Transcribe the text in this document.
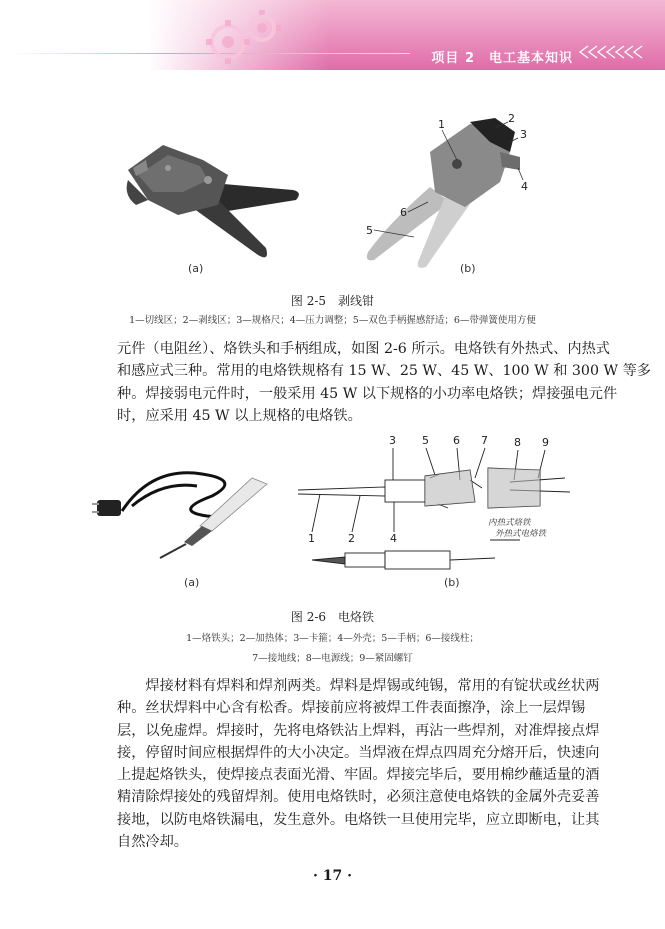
项目 2　电工基本知识
(a)
1	2
3
4
5
6
(b)
图 2-5　剥线钳
1—切线区；2—剥线区；3—规格尺；4—压力调整；5—双色手柄握感舒适；6—带弹簧使用方便
元件（电阻丝）、烙铁头和手柄组成，如图 2-6 所示。电烙铁有外热式、内热式
和感应式三种。常用的电烙铁规格有 15 W、25 W、45 W、100 W 和 300 W 等多
种。焊接弱电元件时，一般采用 45 W 以下规格的小功率电烙铁；焊接强电元件
时，应采用 45 W 以上规格的电烙铁。
(a)
3 5 6 7 8 9
1	2	4
内热式烙铁
外热式电烙铁
(b)
图 2-6　电烙铁
1—烙铁头；2—加热体；3—卡箍；4—外壳；5—手柄；6—接线柱；
7—接地线；8—电源线；9—紧固螺钉
　　焊接材料有焊料和焊剂两类。焊料是焊锡或纯锡，常用的有锭状或丝状两
种。丝状焊料中心含有松香。焊接前应将被焊工件表面擦净，涂上一层焊锡
层，以免虚焊。焊接时，先将电烙铁沾上焊料，再沾一些焊剂，对准焊接点焊
接，停留时间应根据焊件的大小决定。当焊液在焊点四周充分熔开后，快速向
上提起烙铁头，使焊接点表面光滑、牢固。焊接完毕后，要用棉纱蘸适量的酒
精清除焊接处的残留焊剂。使用电烙铁时，必须注意使电烙铁的金属外壳妥善
接地，以防电烙铁漏电，发生意外。电烙铁一旦使用完毕，应立即断电，让其
自然冷却。
· 17 ·
